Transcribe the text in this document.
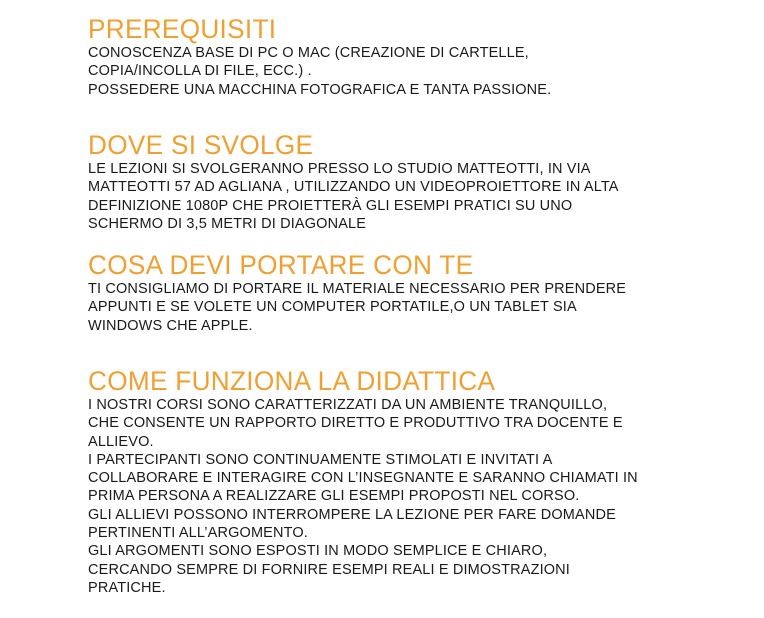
PREREQUISITI

CONOSCENZA BASE DI PC O MAC (CREAZIONE DI CARTELLE,

COPIA/INCOLLA DI FILE, ECC.) .

POSSEDERE UNA MACCHINA FOTOGRAFICA E TANTA PASSIONE.

DOVE SI SVOLGE

LE LEZIONI SI SVOLGERANNO PRESSO LO STUDIO MATTEOTTI, IN VIA

MATTEOTTI 57 AD AGLIANA , UTILIZZANDO UN VIDEOPROIETTORE IN ALTA

DEFINIZIONE 1080P CHE PROIETTERÀ GLI ESEMPI PRATICI SU UNO

SCHERMO DI 3,5 METRI DI DIAGONALE

COSA DEVI PORTARE CON TE

TI CONSIGLIAMO DI PORTARE IL MATERIALE NECESSARIO PER PRENDERE

APPUNTI E SE VOLETE UN COMPUTER PORTATILE,O UN TABLET SIA

WINDOWS CHE APPLE.

COME FUNZIONA LA DIDATTICA

I NOSTRI CORSI SONO CARATTERIZZATI DA UN AMBIENTE TRANQUILLO,

CHE CONSENTE UN RAPPORTO DIRETTO E PRODUTTIVO TRA DOCENTE E

ALLIEVO.

I PARTECIPANTI SONO CONTINUAMENTE STIMOLATI E INVITATI A

COLLABORARE E INTERAGIRE CON L’INSEGNANTE E SARANNO CHIAMATI IN

PRIMA PERSONA A REALIZZARE GLI ESEMPI PROPOSTI NEL CORSO.

GLI ALLIEVI POSSONO INTERROMPERE LA LEZIONE PER FARE DOMANDE

PERTINENTI ALL’ARGOMENTO.

GLI ARGOMENTI SONO ESPOSTI IN MODO SEMPLICE E CHIARO,

CERCANDO SEMPRE DI FORNIRE ESEMPI REALI E DIMOSTRAZIONI

PRATICHE.
